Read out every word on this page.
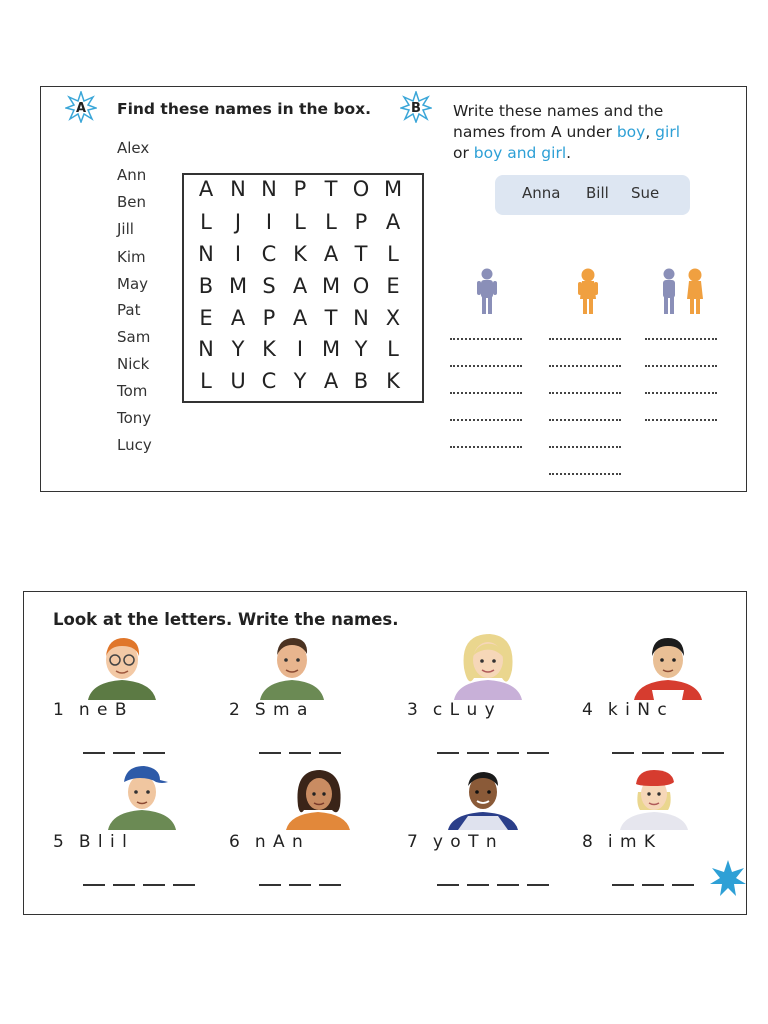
A Find these names in the box.
Alex
Ann
Ben
Jill
Kim
May
Pat
Sam
Nick
Tom
Tony
Lucy
A N N P T O M
L	J	I	L L P A
N	I C K A T L
B M S A M O E
E A P A T N X
N Y K	I M Y L
L U C Y A B K
B Write these names and the
names from A under boy, girl
or boy and girl.
Anna Bill Sue
Look at the letters. Write the names.
1 n e B	2 S m a	3 c L u y	4 k i N c
5 B l i l	6 n A n	7 y o T n	8 i m K
